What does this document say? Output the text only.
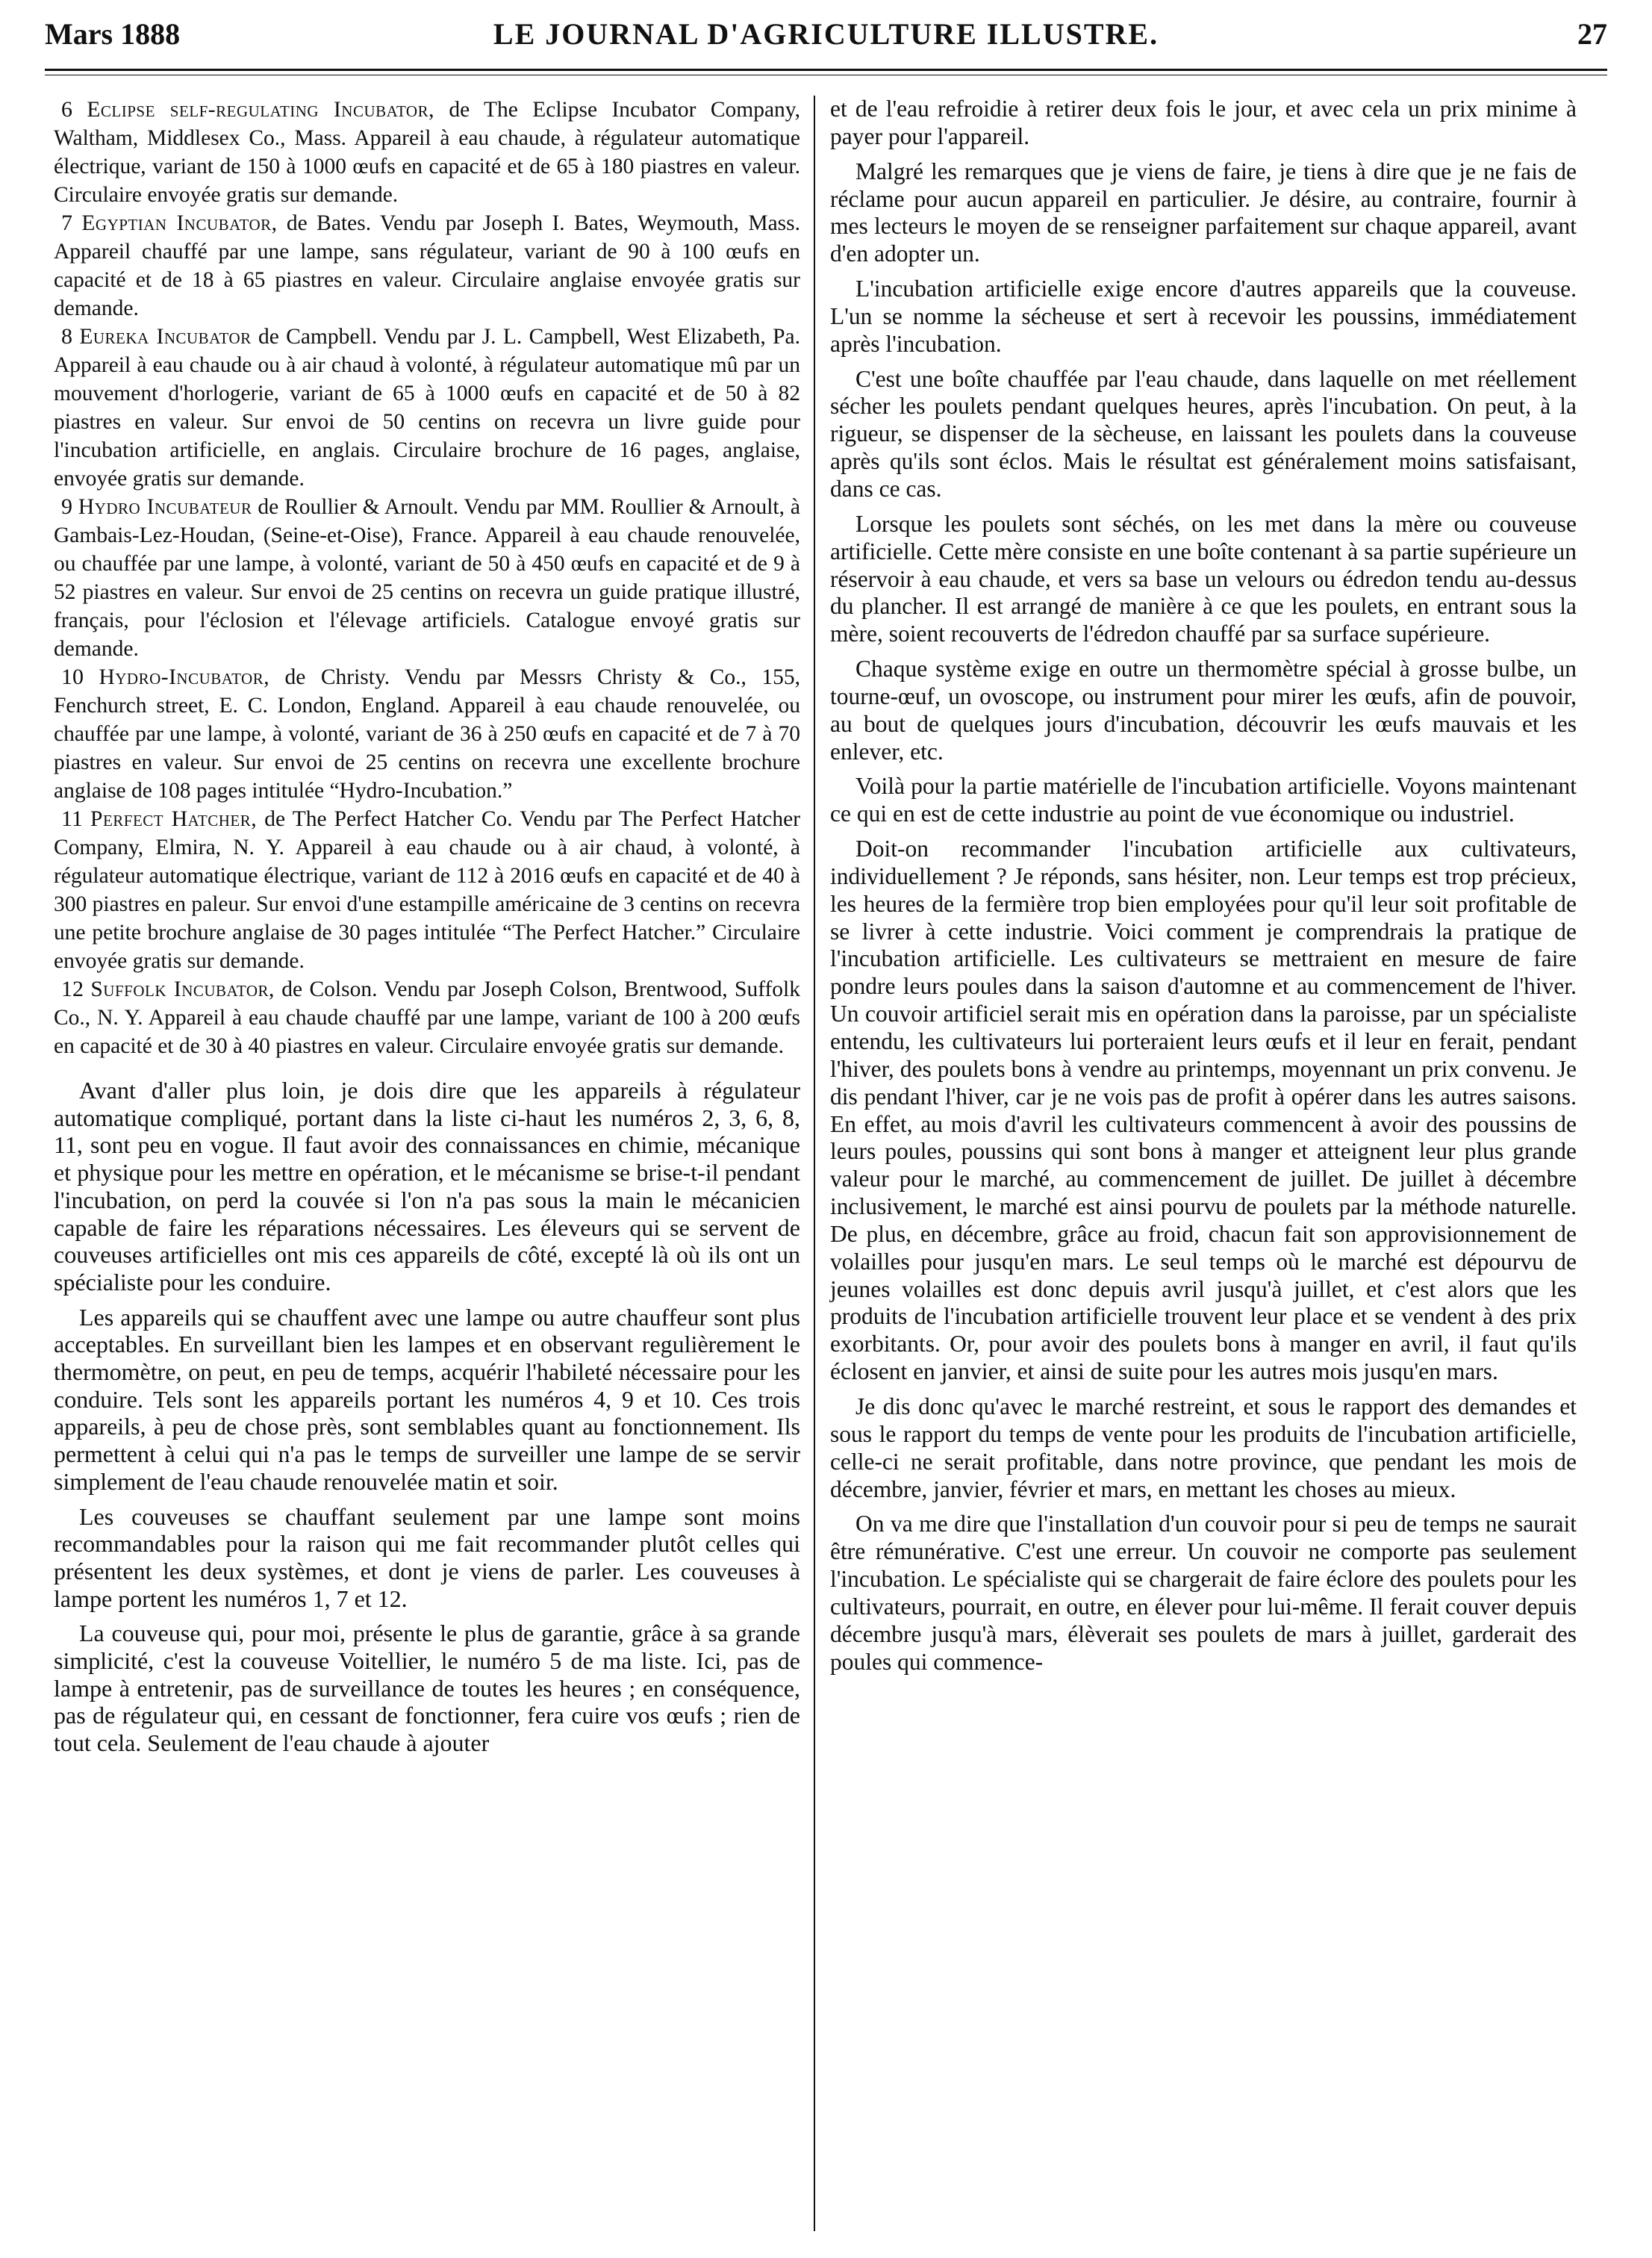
Mars 1888	LE JOURNAL D'AGRICULTURE ILLUSTRE.	27

6 Eclipse self-regulating Incubator, de The Eclipse Incubator Company, Waltham, Middlesex Co., Mass. Appareil à eau chaude, à régulateur automatique électrique, variant de 150 à 1000 œufs en capacité et de 65 à 180 piastres en valeur. Circulaire envoyée gratis sur demande.

7 Egyptian Incubator, de Bates. Vendu par Joseph I. Bates, Weymouth, Mass. Appareil chauffé par une lampe, sans régulateur, variant de 90 à 100 œufs en capacité et de 18 à 65 piastres en valeur. Circulaire anglaise envoyée gratis sur demande.

8 Eureka Incubator de Campbell. Vendu par J. L. Campbell, West Elizabeth, Pa. Appareil à eau chaude ou à air chaud à volonté, à régulateur automatique mû par un mouvement d'horlogerie, variant de 65 à 1000 œufs en capacité et de 50 à 82 piastres en valeur. Sur envoi de 50 centins on recevra un livre guide pour l'incubation artificielle, en anglais. Circulaire brochure de 16 pages, anglaise, envoyée gratis sur demande.

9 Hydro Incubateur de Roullier & Arnoult. Vendu par MM. Roullier & Arnoult, à Gambais-Lez-Houdan, (Seine-et-Oise), France. Appareil à eau chaude renouvelée, ou chauffée par une lampe, à volonté, variant de 50 à 450 œufs en capacité et de 9 à 52 piastres en valeur. Sur envoi de 25 centins on recevra un guide pratique illustré, français, pour l'éclosion et l'élevage artificiels. Catalogue envoyé gratis sur demande.

10 Hydro-Incubator, de Christy. Vendu par Messrs Christy & Co., 155, Fenchurch street, E. C. London, England. Appareil à eau chaude renouvelée, ou chauffée par une lampe, à volonté, variant de 36 à 250 œufs en capacité et de 7 à 70 piastres en valeur. Sur envoi de 25 centins on recevra une excellente brochure anglaise de 108 pages intitulée “Hydro-Incubation.”

11 Perfect Hatcher, de The Perfect Hatcher Co. Vendu par The Perfect Hatcher Company, Elmira, N. Y. Appareil à eau chaude ou à air chaud, à volonté, à régulateur automatique électrique, variant de 112 à 2016 œufs en capacité et de 40 à 300 piastres en paleur. Sur envoi d'une estampille américaine de 3 centins on recevra une petite brochure anglaise de 30 pages intitulée “The Perfect Hatcher.” Circulaire envoyée gratis sur demande.

12 Suffolk Incubator, de Colson. Vendu par Joseph Colson, Brentwood, Suffolk Co., N. Y. Appareil à eau chaude chauffé par une lampe, variant de 100 à 200 œufs en capacité et de 30 à 40 piastres en valeur. Circulaire envoyée gratis sur demande.

Avant d'aller plus loin, je dois dire que les appareils à régulateur automatique compliqué, portant dans la liste ci-haut les numéros 2, 3, 6, 8, 11, sont peu en vogue. Il faut avoir des connaissances en chimie, mécanique et physique pour les mettre en opération, et le mécanisme se brise-t-il pendant l'incubation, on perd la couvée si l'on n'a pas sous la main le mécanicien capable de faire les réparations nécessaires. Les éleveurs qui se servent de couveuses artificielles ont mis ces appareils de côté, excepté là où ils ont un spécialiste pour les conduire.

Les appareils qui se chauffent avec une lampe ou autre chauffeur sont plus acceptables. En surveillant bien les lampes et en observant regulièrement le thermomètre, on peut, en peu de temps, acquérir l'habileté nécessaire pour les conduire. Tels sont les appareils portant les numéros 4, 9 et 10. Ces trois appareils, à peu de chose près, sont semblables quant au fonctionnement. Ils permettent à celui qui n'a pas le temps de surveiller une lampe de se servir simplement de l'eau chaude renouvelée matin et soir.

Les couveuses se chauffant seulement par une lampe sont moins recommandables pour la raison qui me fait recommander plutôt celles qui présentent les deux systèmes, et dont je viens de parler. Les couveuses à lampe portent les numéros 1, 7 et 12.

La couveuse qui, pour moi, présente le plus de garantie, grâce à sa grande simplicité, c'est la couveuse Voitellier, le numéro 5 de ma liste. Ici, pas de lampe à entretenir, pas de surveillance de toutes les heures ; en conséquence, pas de régulateur qui, en cessant de fonctionner, fera cuire vos œufs ; rien de tout cela. Seulement de l'eau chaude à ajouter

et de l'eau refroidie à retirer deux fois le jour, et avec cela un prix minime à payer pour l'appareil.

Malgré les remarques que je viens de faire, je tiens à dire que je ne fais de réclame pour aucun appareil en particulier. Je désire, au contraire, fournir à mes lecteurs le moyen de se renseigner parfaitement sur chaque appareil, avant d'en adopter un.

L'incubation artificielle exige encore d'autres appareils que la couveuse. L'un se nomme la sécheuse et sert à recevoir les poussins, immédiatement après l'incubation.

C'est une boîte chauffée par l'eau chaude, dans laquelle on met réellement sécher les poulets pendant quelques heures, après l'incubation. On peut, à la rigueur, se dispenser de la sècheuse, en laissant les poulets dans la couveuse après qu'ils sont éclos. Mais le résultat est généralement moins satisfaisant, dans ce cas.

Lorsque les poulets sont séchés, on les met dans la mère ou couveuse artificielle. Cette mère consiste en une boîte contenant à sa partie supérieure un réservoir à eau chaude, et vers sa base un velours ou édredon tendu au-dessus du plancher. Il est arrangé de manière à ce que les poulets, en entrant sous la mère, soient recouverts de l'édredon chauffé par sa surface supérieure.

Chaque système exige en outre un thermomètre spécial à grosse bulbe, un tourne-œuf, un ovoscope, ou instrument pour mirer les œufs, afin de pouvoir, au bout de quelques jours d'incubation, découvrir les œufs mauvais et les enlever, etc.

Voilà pour la partie matérielle de l'incubation artificielle. Voyons maintenant ce qui en est de cette industrie au point de vue économique ou industriel.

Doit-on recommander l'incubation artificielle aux cultivateurs, individuellement ? Je réponds, sans hésiter, non. Leur temps est trop précieux, les heures de la fermière trop bien employées pour qu'il leur soit profitable de se livrer à cette industrie. Voici comment je comprendrais la pratique de l'incubation artificielle. Les cultivateurs se mettraient en mesure de faire pondre leurs poules dans la saison d'automne et au commencement de l'hiver. Un couvoir artificiel serait mis en opération dans la paroisse, par un spécialiste entendu, les cultivateurs lui porteraient leurs œufs et il leur en ferait, pendant l'hiver, des poulets bons à vendre au printemps, moyennant un prix convenu. Je dis pendant l'hiver, car je ne vois pas de profit à opérer dans les autres saisons. En effet, au mois d'avril les cultivateurs commencent à avoir des poussins de leurs poules, poussins qui sont bons à manger et atteignent leur plus grande valeur pour le marché, au commencement de juillet. De juillet à décembre inclusivement, le marché est ainsi pourvu de poulets par la méthode naturelle. De plus, en décembre, grâce au froid, chacun fait son approvisionnement de volailles pour jusqu'en mars. Le seul temps où le marché est dépourvu de jeunes volailles est donc depuis avril jusqu'à juillet, et c'est alors que les produits de l'incubation artificielle trouvent leur place et se vendent à des prix exorbitants. Or, pour avoir des poulets bons à manger en avril, il faut qu'ils éclosent en janvier, et ainsi de suite pour les autres mois jusqu'en mars.

Je dis donc qu'avec le marché restreint, et sous le rapport des demandes et sous le rapport du temps de vente pour les produits de l'incubation artificielle, celle-ci ne serait profitable, dans notre province, que pendant les mois de décembre, janvier, février et mars, en mettant les choses au mieux.

On va me dire que l'installation d'un couvoir pour si peu de temps ne saurait être rémunérative. C'est une erreur. Un couvoir ne comporte pas seulement l'incubation. Le spécialiste qui se chargerait de faire éclore des poulets pour les cultivateurs, pourrait, en outre, en élever pour lui-même. Il ferait couver depuis décembre jusqu'à mars, élèverait ses poulets de mars à juillet, garderait des poules qui commence-
